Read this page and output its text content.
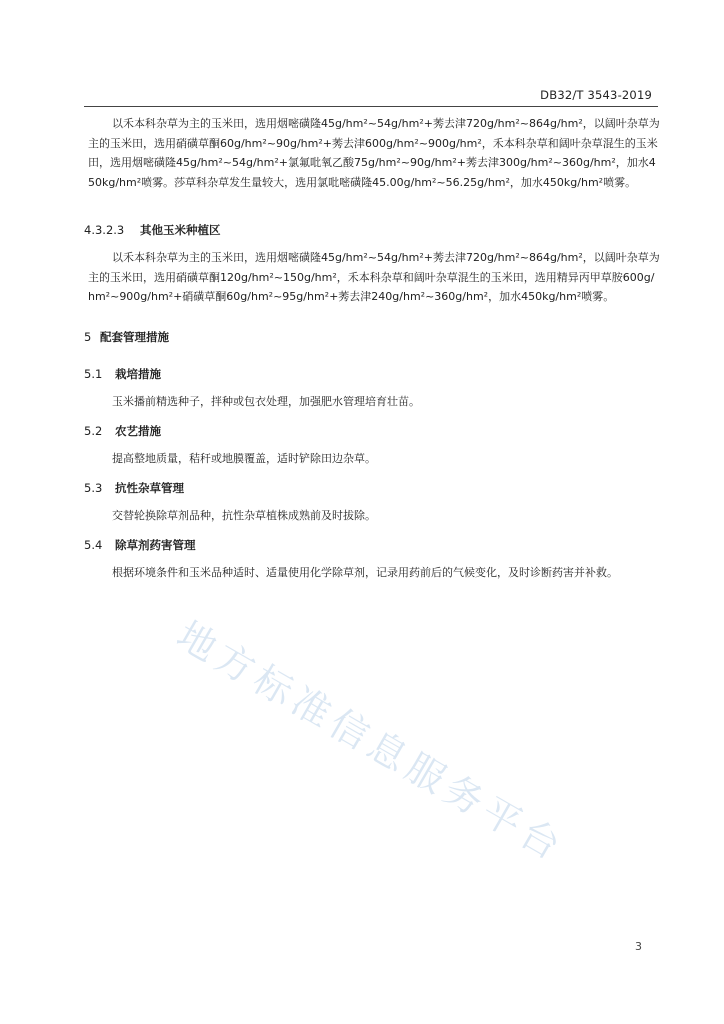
DB32/T 3543-2019
地方标准信息服务平台

以禾本科杂草为主的玉米田，选用烟嘧磺隆45g/hm²~54g/hm²+莠去津720g/hm²~864g/hm²，以阔叶杂草为主的玉米田，选用硝磺草酮60g/hm²~90g/hm²+莠去津600g/hm²~900g/hm²，禾本科杂草和阔叶杂草混生的玉米田，选用烟嘧磺隆45g/hm²~54g/hm²+氯氟吡氧乙酸75g/hm²~90g/hm²+莠去津300g/hm²~360g/hm²，加水450kg/hm²喷雾。莎草科杂草发生量较大，选用氯吡嘧磺隆45.00g/hm²~56.25g/hm²，加水450kg/hm²喷雾。

4.3.2.3 其他玉米种植区

以禾本科杂草为主的玉米田，选用烟嘧磺隆45g/hm²~54g/hm²+莠去津720g/hm²~864g/hm²，以阔叶杂草为主的玉米田，选用硝磺草酮120g/hm²~150g/hm²，禾本科杂草和阔叶杂草混生的玉米田，选用精异丙甲草胺600g/hm²~900g/hm²+硝磺草酮60g/hm²~95g/hm²+莠去津240g/hm²~360g/hm²，加水450kg/hm²喷雾。

5 配套管理措施
5.1 栽培措施

玉米播前精选种子，拌种或包衣处理，加强肥水管理培育壮苗。

5.2 农艺措施

提高整地质量，秸秆或地膜覆盖，适时铲除田边杂草。

5.3 抗性杂草管理

交替轮换除草剂品种，抗性杂草植株成熟前及时拔除。

5.4 除草剂药害管理

根据环境条件和玉米品种适时、适量使用化学除草剂，记录用药前后的气候变化，及时诊断药害并补救。

3
